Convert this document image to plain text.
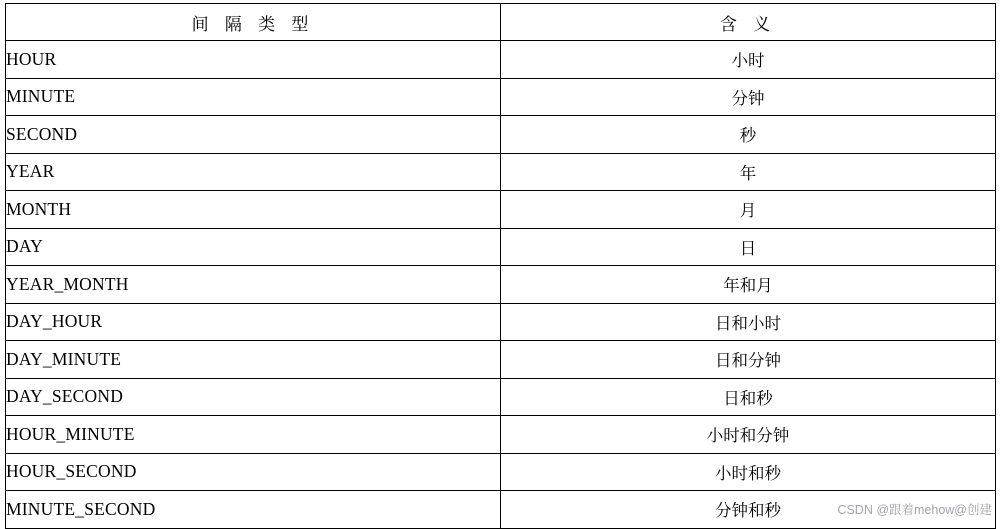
间 隔 类 型	含 义
HOUR	小时
MINUTE	分钟
SECOND	秒
YEAR	年
MONTH	月
DAY	日
YEAR_MONTH	年和月
DAY_HOUR	日和小时
DAY_MINUTE	日和分钟
DAY_SECOND	日和秒
HOUR_MINUTE	小时和分钟
HOUR_SECOND	小时和秒
MINUTE_SECOND	分钟和秒	CSDN @跟着mehow@创建
